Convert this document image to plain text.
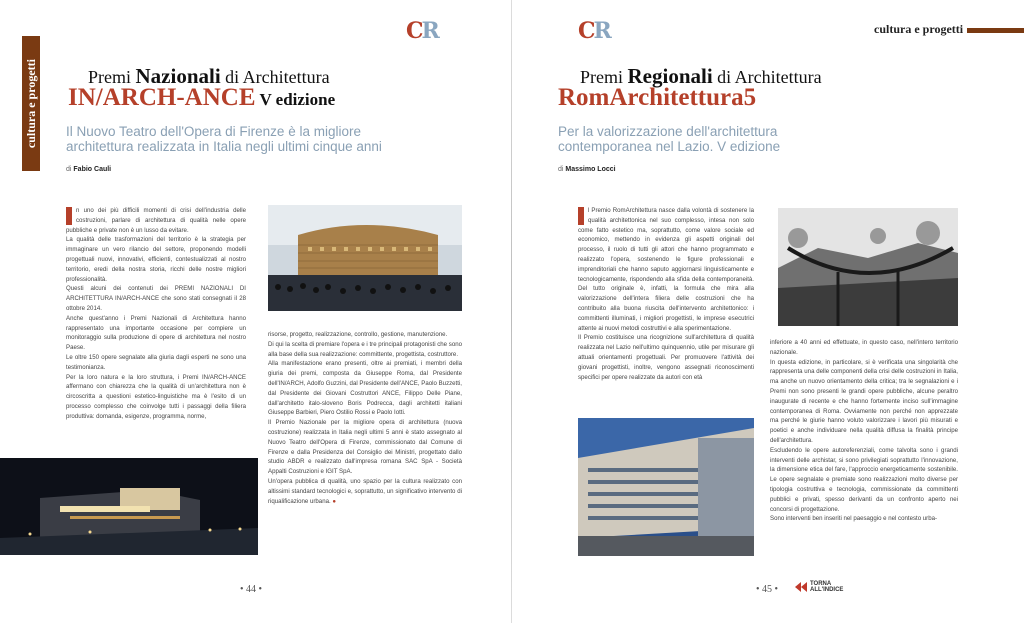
cultura e progetti
CR
Premi Nazionali di Architettura
IN/ARCH-ANCE V edizione
Il Nuovo Teatro dell'Opera di Firenze è la migliore
architettura realizzata in Italia negli ultimi cinque anni
di Fabio Cauli

n uno dei più difficili momenti di crisi dell'industria delle costruzioni, parlare di architettura di qualità nelle opere pubbliche e private non è un lusso da evitare.

La qualità delle trasformazioni del territorio è la strategia per immaginare un vero rilancio del settore, proponendo modelli progettuali nuovi, innovativi, efficienti, contestualizzati al nostro territorio, eredi della nostra storia, ricchi delle nostre migliori professionalità.

Questi alcuni dei contenuti dei PREMI NAZIONALI DI ARCHITETTURA IN/ARCH-ANCE che sono stati consegnati il 28 ottobre 2014.

Anche quest'anno i Premi Nazionali di Architettura hanno rappresentato una importante occasione per compiere un monitoraggio sulla produzione di opere di architettura nel nostro Paese.

Le oltre 150 opere segnalate alla giuria dagli esperti ne sono una testimonianza.

Per la loro natura e la loro struttura, i Premi IN/ARCH-ANCE affermano con chiarezza che la qualità di un'architettura non è circoscritta a questioni estetico-linguistiche ma è l'esito di un processo complesso che coinvolge tutti i passaggi della filiera produttiva: domanda, esigenze, programma, norme,

risorse, progetto, realizzazione, controllo, gestione, manutenzione.

Di qui la scelta di premiare l'opera e i tre principali protagonisti che sono alla base della sua realizzazione: committente, progettista, costruttore.

Alla manifestazione erano presenti, oltre ai premiati, i membri della giuria dei premi, composta da Giuseppe Roma, dal Presidente dell'IN/ARCH, Adolfo Guzzini, dal Presidente dell'ANCE, Paolo Buzzetti, dal Presidente dei Giovani Costruttori ANCE, Filippo Delle Piane, dall'architetto italo-sloveno Boris Podrecca, dagli architetti italiani Giuseppe Barbieri, Piero Ostilio Rossi e Paolo Iotti.

Il Premio Nazionale per la migliore opera di architettura (nuova costruzione) realizzata in Italia negli ultimi 5 anni è stato assegnato al Nuovo Teatro dell'Opera di Firenze, commissionato dal Comune di Firenze e dalla Presidenza del Consiglio dei Ministri, progettato dallo studio ABDR e realizzato dall'impresa romana SAC SpA - Società Appalti Costruzioni e IGIT SpA.

Un'opera pubblica di qualità, uno spazio per la cultura realizzato con altissimi standard tecnologici e, soprattutto, un significativo intervento di riqualificazione urbana. ●

• 44 •
CR	cultura e progetti
Premi Regionali di Architettura
RomArchitettura5
Per la valorizzazione dell'architettura
contemporanea nel Lazio. V edizione
di Massimo Locci

l Premio RomArchitettura nasce dalla volontà di sostenere la qualità architettonica nel suo complesso, intesa non solo come fatto estetico ma, soprattutto, come valore sociale ed economico, mettendo in evidenza gli aspetti originali del processo, il ruolo di tutti gli attori che hanno programmato e realizzato l'opera, sostenendo le figure professionali e imprenditoriali che hanno saputo aggiornarsi linguisticamente e tecnologicamente, rispondendo alla sfida della contemporaneità. Del tutto originale è, infatti, la formula che mira alla valorizzazione dell'intera filiera delle costruzioni che ha contribuito alla buona riuscita dell'intervento architettonico: i committenti illuminati, i migliori progettisti, le imprese esecutrici attente ai nuovi metodi costruttivi e alla sperimentazione.

Il Premio costituisce una ricognizione sull'architettura di qualità realizzata nel Lazio nell'ultimo quinquennio, utile per misurare gli attuali orientamenti progettuali. Per promuovere l'attività dei giovani progettisti, inoltre, vengono assegnati riconoscimenti specifici per opere realizzate da autori con età

inferiore a 40 anni ed effettuate, in questo caso, nell'intero territorio nazionale.

In questa edizione, in particolare, si è verificata una singolarità che rappresenta una delle componenti della crisi delle costruzioni in Italia, ma anche un nuovo orientamento della critica; tra le segnalazioni e i Premi non sono presenti le grandi opere pubbliche, alcune peraltro inaugurate di recente e che hanno fortemente inciso sull'immagine contemporanea di Roma. Ovviamente non perché non apprezzate ma perché le giurie hanno voluto valorizzare i lavori più misurati e poetici e anche individuare nella qualità diffusa la finalità principe dell'architettura.

Escludendo le opere autoreferenziali, come talvolta sono i grandi interventi delle archistar, si sono privilegiati soprattutto l'innovazione, la dimensione etica del fare, l'approccio energeticamente sostenibile. Le opere segnalate e premiate sono realizzazioni molto diverse per tipologia costruttiva e tecnologia, commissionate da committenti pubblici e privati, spesso derivanti da un confronto aperto nei concorsi di progettazione.

Sono interventi ben inseriti nel paesaggio e nel contesto urba-

• 45 •	TORNA
ALL'INDICE
